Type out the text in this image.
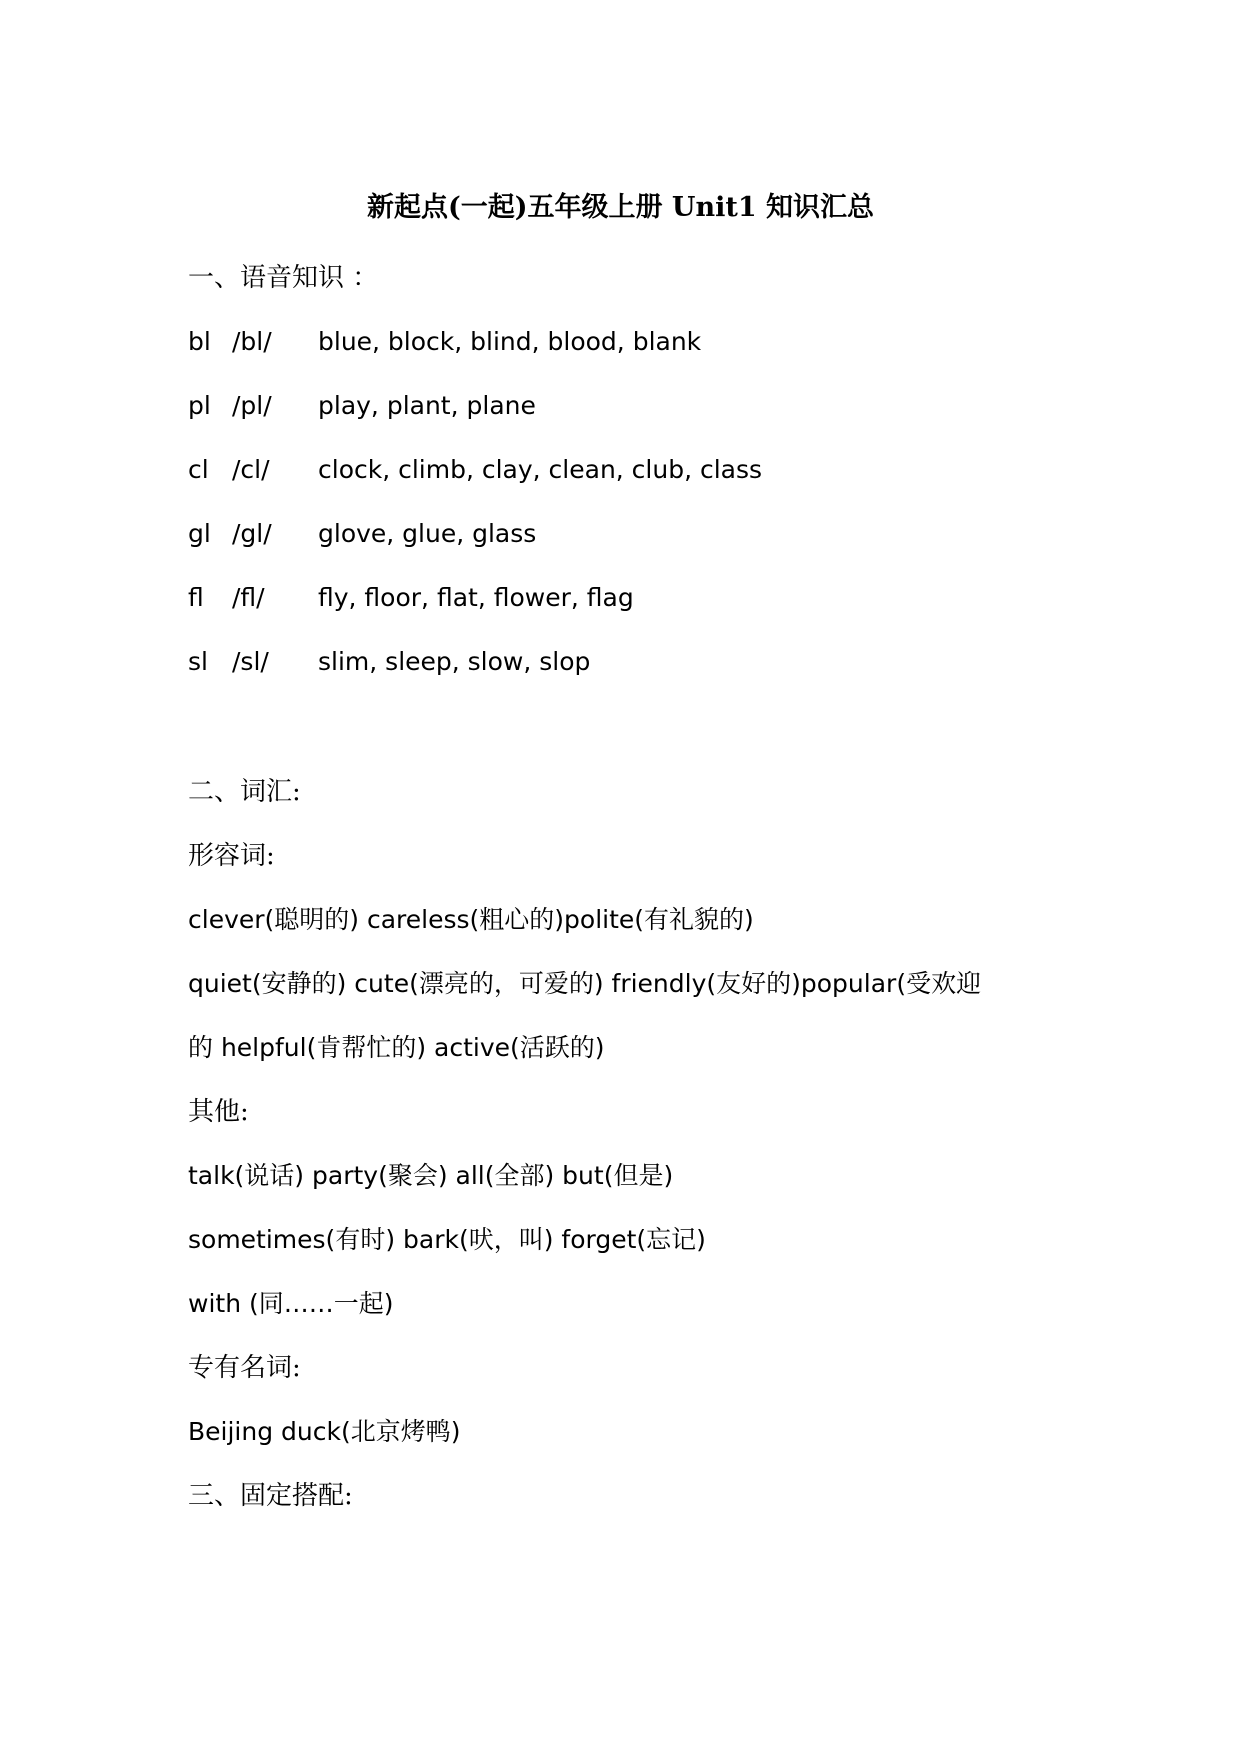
新起点(一起)五年级上册 Unit1 知识汇总
一、语音知识 ：
bl /bl/ blue, block, blind, blood, blank
pl /pl/ play, plant, plane
cl /cl/ clock, climb, clay, clean, club, class
gl /gl/ glove, glue, glass
fl /fl/ fly, floor, flat, flower, flag
sl /sl/ slim, sleep, slow, slop
二、词汇:
形容词:
clever(聪明的) careless(粗心的)polite(有礼貌的)
quiet(安静的) cute(漂亮的，可爱的) friendly(友好的)popular(受欢迎
的 helpful(肯帮忙的) active(活跃的)
其他:
talk(说话) party(聚会) all(全部) but(但是)
sometimes(有时) bark(吠，叫) forget(忘记)
with (同……一起)
专有名词:
Beijing duck(北京烤鸭)
三、固定搭配:
